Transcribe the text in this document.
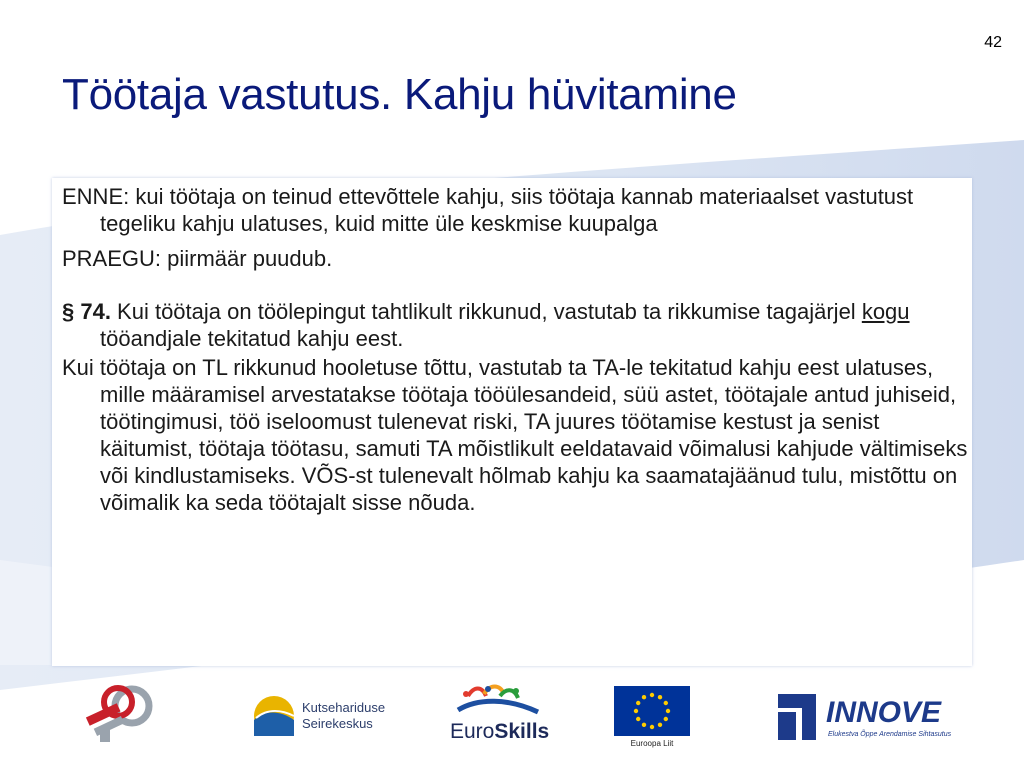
42
Töötaja vastutus. Kahju hüvitamine

ENNE: kui töötaja on teinud ettevõttele kahju, siis töötaja kannab materiaalset vastutust tegeliku kahju ulatuses, kuid mitte üle keskmise kuupalga

PRAEGU: piirmäär puudub.

§ 74. Kui töötaja on töölepingut tahtlikult rikkunud, vastutab ta rikkumise tagajärjel kogu tööandjale tekitatud kahju eest.

Kui töötaja on TL rikkunud hooletuse tõttu, vastutab ta TA-le tekitatud kahju eest ulatuses, mille määramisel arvestatakse töötaja tööülesandeid, süü astet, töötajale antud juhiseid, töötingimusi, töö iseloomust tulenevat riski, TA juures töötamise kestust ja senist käitumist, töötaja töötasu, samuti TA mõistlikult eeldatavaid võimalusi kahjude vältimiseks või kindlustamiseks. VÕS-st tulenevalt hõlmab kahju ka saamatajäänud tulu, mistõttu on võimalik ka seda töötajalt sisse nõuda.

Kutsehariduse
Seirekeskus	EuroSkills
Euroopa Liit
INNOVE
Elukestva Õppe Arendamise Sihtasutus
